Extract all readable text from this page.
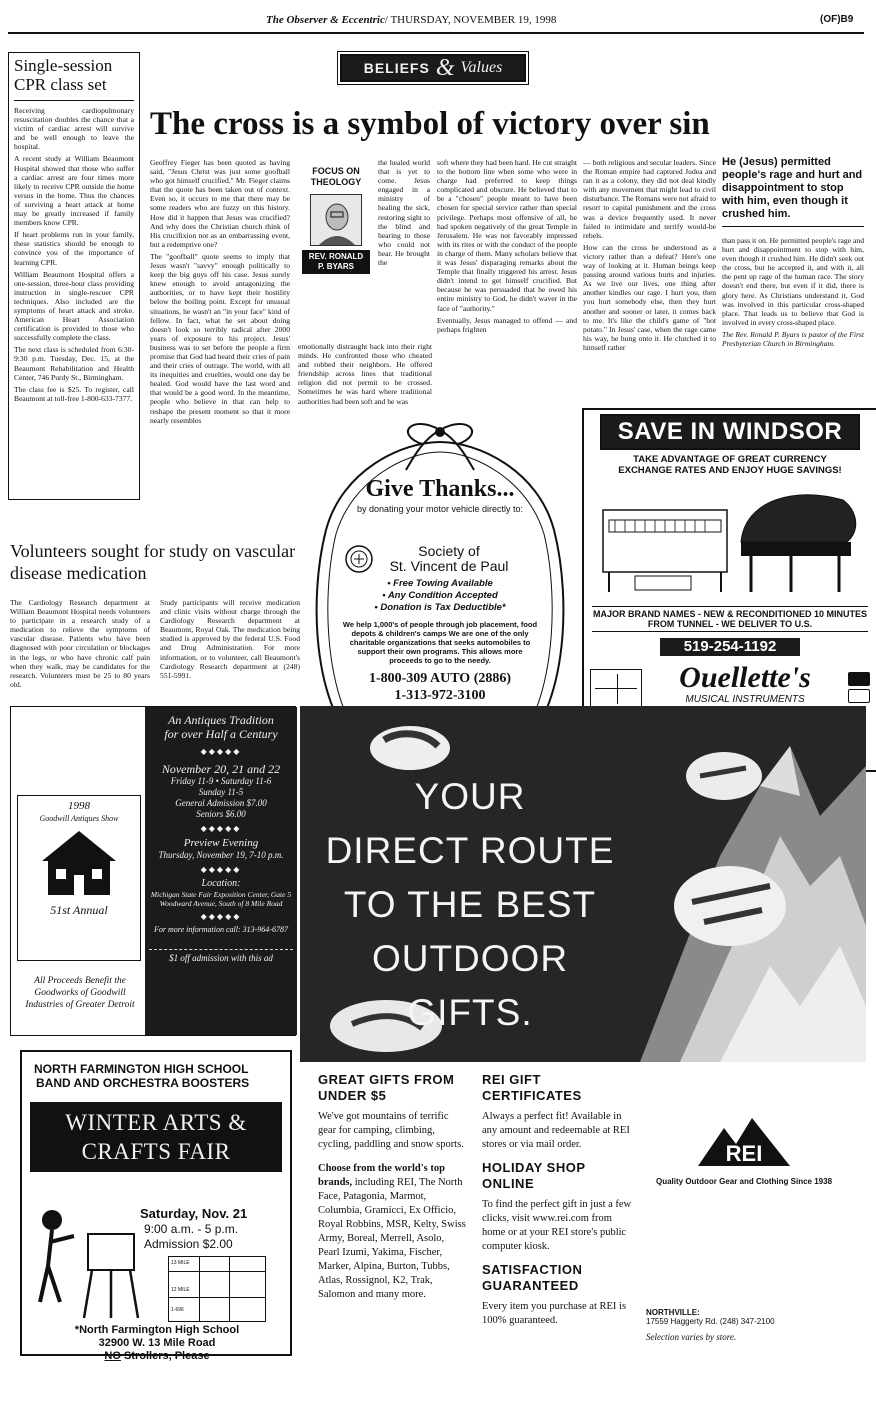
The Observer & Eccentric/ THURSDAY, NOVEMBER 19, 1998	(OF)B9
Single-session CPR class set
Receiving cardiopulmonary resuscitation doubles the chance that a victim of cardiac arrest will survive and be well enough to leave the hospital.
A recent study at William Beaumont Hospital showed that those who suffer a cardiac arrest are four times more likely to receive CPR outside the home versus in the home. Thus the chances of surviving a heart attack at home may be greatly increased if family members know CPR.
If heart problems run in your family, these statistics should be enough to convince you of the importance of learning CPR.
William Beaumont Hospital offers a one-session, three-hour class providing instruction in single-rescuer CPR techniques. Also included are the symptoms of heart attack and stroke. American Heart Association certification is provided to those who successfully complete the class.
The next class is scheduled from 6:30-9:30 p.m. Tuesday, Dec. 15, at the Beaumont Rehabilitation and Health Center, 746 Purdy St., Birmingham.
The class fee is $25. To register, call Beaumont at toll-free 1-800-633-7377.
BELIEFS & Values
The cross is a symbol of victory over sin
Geoffrey Fieger has been quoted as having said, "Jesus Christ was just some goofball who got himself crucified." Mr. Fieger claims that the quote has been taken out of context. Even so, it occurs to me that there may be some readers who are fuzzy on this history. How did it happen that Jesus was crucified? And why does the Christian church think of His crucifixion not as an embarrassing event, but a redemptive one?
The "goofball" quote seems to imply that Jesus wasn't "savvy" enough politically to keep the big guys off his case. Jesus surely knew enough to avoid antagonizing the authorities, or to have kept their hostility below the boiling point. Except for unusual situations, he wasn't an "in your face" kind of fellow. In fact, what he set about doing doesn't look so terribly radical after 2000 years of exposure to his project. Jesus' business was to set before the people a firm promise that God had heard their cries of pain and their cries of outrage. The world, with all its inequities and cruelties, would one day be healed. God would have the last word and that would be a good word. In the meantime, people who believe in that can help to reshape the present moment so that it more nearly resembles
FOCUS ON THEOLOGY
REV. RONALD P. BYARS
the healed world that is yet to come. Jesus engaged in a ministry of healing the sick, restoring sight to the blind and hearing to those who could not hear. He brought the
emotionally distraught back into their right minds. He confronted those who cheated and robbed their neighbors. He offered friendship across lines that traditional religion did not permit to be crossed. Sometimes he was hard where traditional authorities had been soft and he was
soft where they had been hard. He cut straight to the bottom line when some who were in charge had preferred to keep things complicated and obscure. He believed that to be a "chosen" people meant to have been chosen for special service rather than special privilege. Perhaps most offensive of all, he had spoken negatively of the great Temple in Jerusalem. He was not favorably impressed with its rites or with the conduct of the people in charge of them. Many scholars believe that it was Jesus' disparaging remarks about the Temple that finally triggered his arrest. Jesus didn't intend to get himself crucified. But because he was persuaded that he owed his entire ministry to God, he didn't waver in the face of "authority."
Eventually, Jesus managed to offend — and perhaps frighten
— both religious and secular leaders. Since the Roman empire had captured Judea and ran it as a colony, they did not deal kindly with any movement that might lead to civil disturbance. The Romans were not afraid to resort to capital punishment and the cross was a device frequently used. It never failed to intimidate and terrify would-be rebels.
How can the cross be understood as a victory rather than a defeat? Here's one way of looking at it. Human beings keep passing around various hurts and injuries. As we live our lives, one thing after another kindles our rage. I hurt you, then you hurt somebody else, then they hurt another and sooner or later, it comes back to me. It's like the child's game of "hot potato." In Jesus' case, when the rage came his way, he hung onto it. He clutched it to himself rather
He (Jesus) permitted people's rage and hurt and disappointment to stop with him, even though it crushed him.
than pass it on. He permitted people's rage and hurt and disappointment to stop with him, even though it crushed him. He didn't seek out the cross, but he accepted it, and with it, all the pent up rage of the human race. The story doesn't end there, but even if it did, there is glory here. As Christians understand it, God was involved in this particular cross-shaped place. That leads us to believe that God is involved in every cross-shaped place.
The Rev. Ronald P. Byars is pastor of the First Presbyterian Church in Birmingham.
Volunteers sought for study on vascular disease medication
The Cardiology Research department at William Beaumont Hospital needs volunteers to participate in a research study of a medication to relieve the symptoms of vascular disease. Patients who have been diagnosed with poor circulation or blockages in the legs, or who have chronic calf pain when they walk, may be candidates for the research. Volunteers must be 25 to 80 years old.
Study participants will receive medication and clinic visits without charge through the Cardiology Research department at Beaumont, Royal Oak. The medication being studied is approved by the federal U.S. Food and Drug Administration. For more information, or to volunteer, call Beaumont's Cardiology Research department at (248) 551-5991.
Give Thanks...
by donating your motor vehicle directly to:
Society of
St. Vincent de Paul
• Free Towing Available
• Any Condition Accepted
• Donation is Tax Deductible*
We help 1,000's of people through job placement, food depots & children's camps We are one of the only charitable organizations that seeks automobiles to support their own programs. This allows more proceeds to go to the needy.
1-800-309 AUTO (2886)
1-313-972-3100
SAVE IN WINDSOR
TAKE ADVANTAGE OF GREAT CURRENCY EXCHANGE RATES AND ENJOY HUGE SAVINGS!
MAJOR BRAND NAMES - NEW & RECONDITIONED 10 MINUTES FROM TUNNEL - WE DELIVER TO U.S.
519-254-1192
Ouellette's
MUSICAL INSTRUMENTS
1998
Goodwill Antiques Show
51st Annual
All Proceeds Benefit the Goodworks of Goodwill Industries of Greater Detroit
An Antiques Tradition
for over Half a Century
◆◆◆◆◆
November 20, 21 and 22
Friday 11-9 • Saturday 11-6
Sunday 11-5
General Admission $7.00
Seniors $6.00
◆◆◆◆◆
Preview Evening
Thursday, November 19, 7-10 p.m.
◆◆◆◆◆
Location:
Michigan State Fair Exposition Center, Gate 5 Woodward Avenue, South of 8 Mile Road
◆◆◆◆◆
For more information call: 313-964-6787
$1 off admission with this ad
YOUR
DIRECT ROUTE
TO THE BEST
OUTDOOR
GIFTS.
GREAT GIFTS FROM UNDER $5
We've got mountains of terrific gear for camping, climbing, cycling, paddling and snow sports.
Choose from the world's top brands, including REI, The North Face, Patagonia, Marmot, Columbia, Gramicci, Ex Officio, Royal Robbins, MSR, Kelty, Swiss Army, Boreal, Merrell, Asolo, Pearl Izumi, Yakima, Fischer, Marker, Alpina, Burton, Tubbs, Atlas, Rossignol, K2, Trak, Salomon and many more.
REI GIFT CERTIFICATES
Always a perfect fit! Available in any amount and redeemable at REI stores or via mail order.
HOLIDAY SHOP ONLINE
To find the perfect gift in just a few clicks, visit www.rei.com from home or at your REI store's public computer kiosk.
SATISFACTION GUARANTEED
Every item you purchase at REI is 100% guaranteed.
REI
Quality Outdoor Gear and Clothing Since 1938
NORTHVILLE:
17559 Haggerty Rd. (248) 347-2100
Selection varies by store.
NORTH FARMINGTON HIGH SCHOOL
BAND AND ORCHESTRA BOOSTERS
WINTER ARTS &
CRAFTS FAIR
Saturday, Nov. 21
9:00 a.m. - 5 p.m.
Admission $2.00
13 MILE
12 MILE
1-696
*North Farmington High School
32900 W. 13 Mile Road
NO Strollers, Please
